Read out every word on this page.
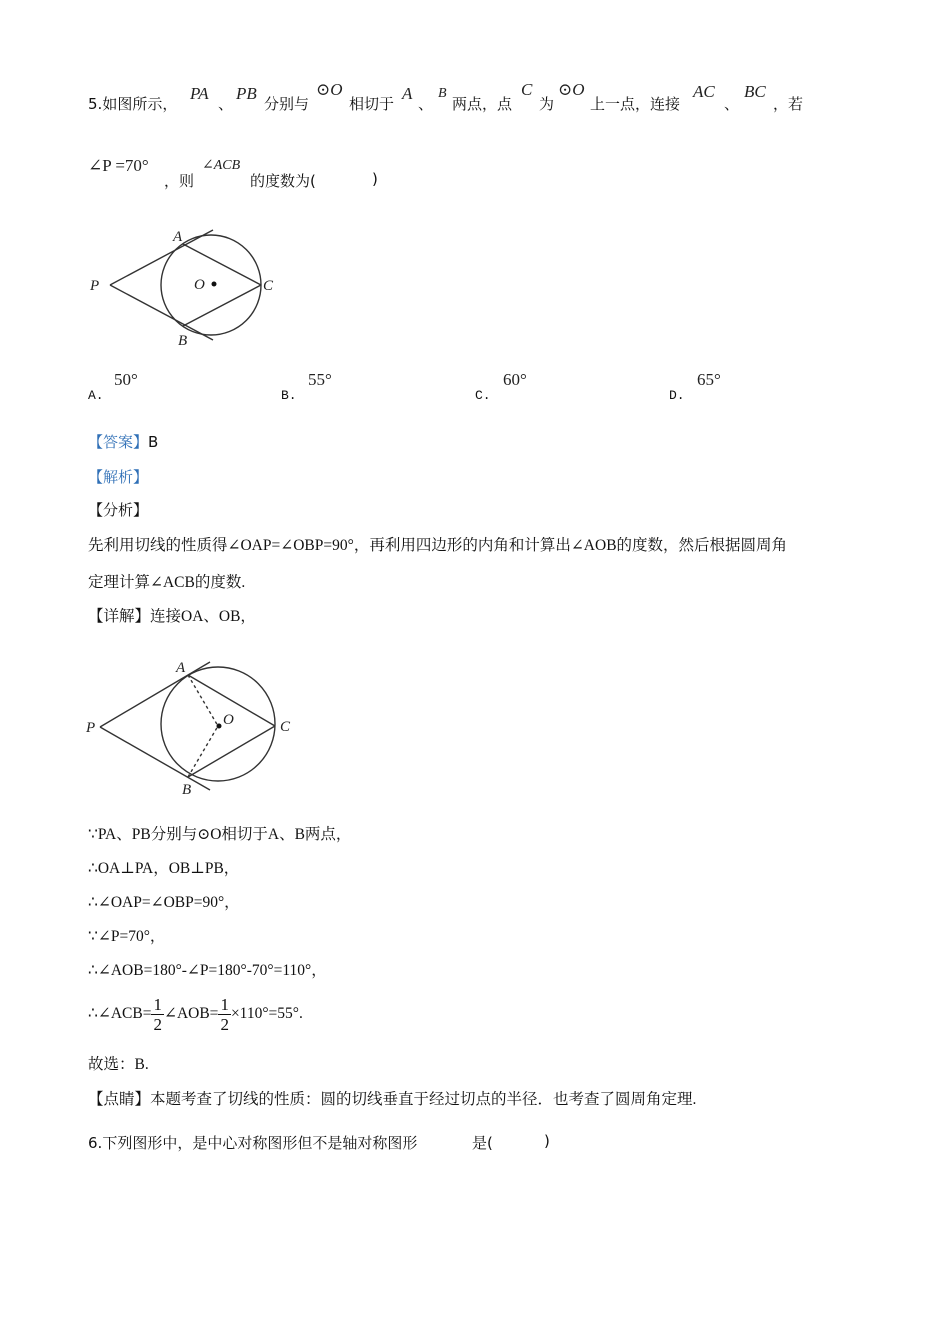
5.如图所示，
PA
、
PB
分别与
⊙O
相切于
A
、
B
两点，点
C
为
⊙O
上一点，连接
AC
、
BC
，若
∠P =70°
，则
∠ACB
的度数为(	)
A
B
C
P	O
A.
50°
B.
55°
C.
60°
D.
65°
【答案】B
【解析】
【分析】
先利用切线的性质得∠OAP=∠OBP=90°，再利用四边形的内角和计算出∠AOB的度数，然后根据圆周角
定理计算∠ACB的度数.
【详解】连接OA、OB，
A
B
C
P	O
∵PA、PB分别与⊙O相切于A、B两点，
∴OA⊥PA，OB⊥PB，
∴∠OAP=∠OBP=90°，
∵∠P=70°，
∴∠AOB=180°-∠P=180°-70°=110°，
∴∠ACB= $\frac{1}{2}$ ∠AOB= $\frac{1}{2} \times 110^\circ=55^\circ$.
故选：B.
【点睛】本题考查了切线的性质：圆的切线垂直于经过切点的半径．也考查了圆周角定理.
6.下列图形中，是中心对称图形但不是轴对称图形	是(	)
